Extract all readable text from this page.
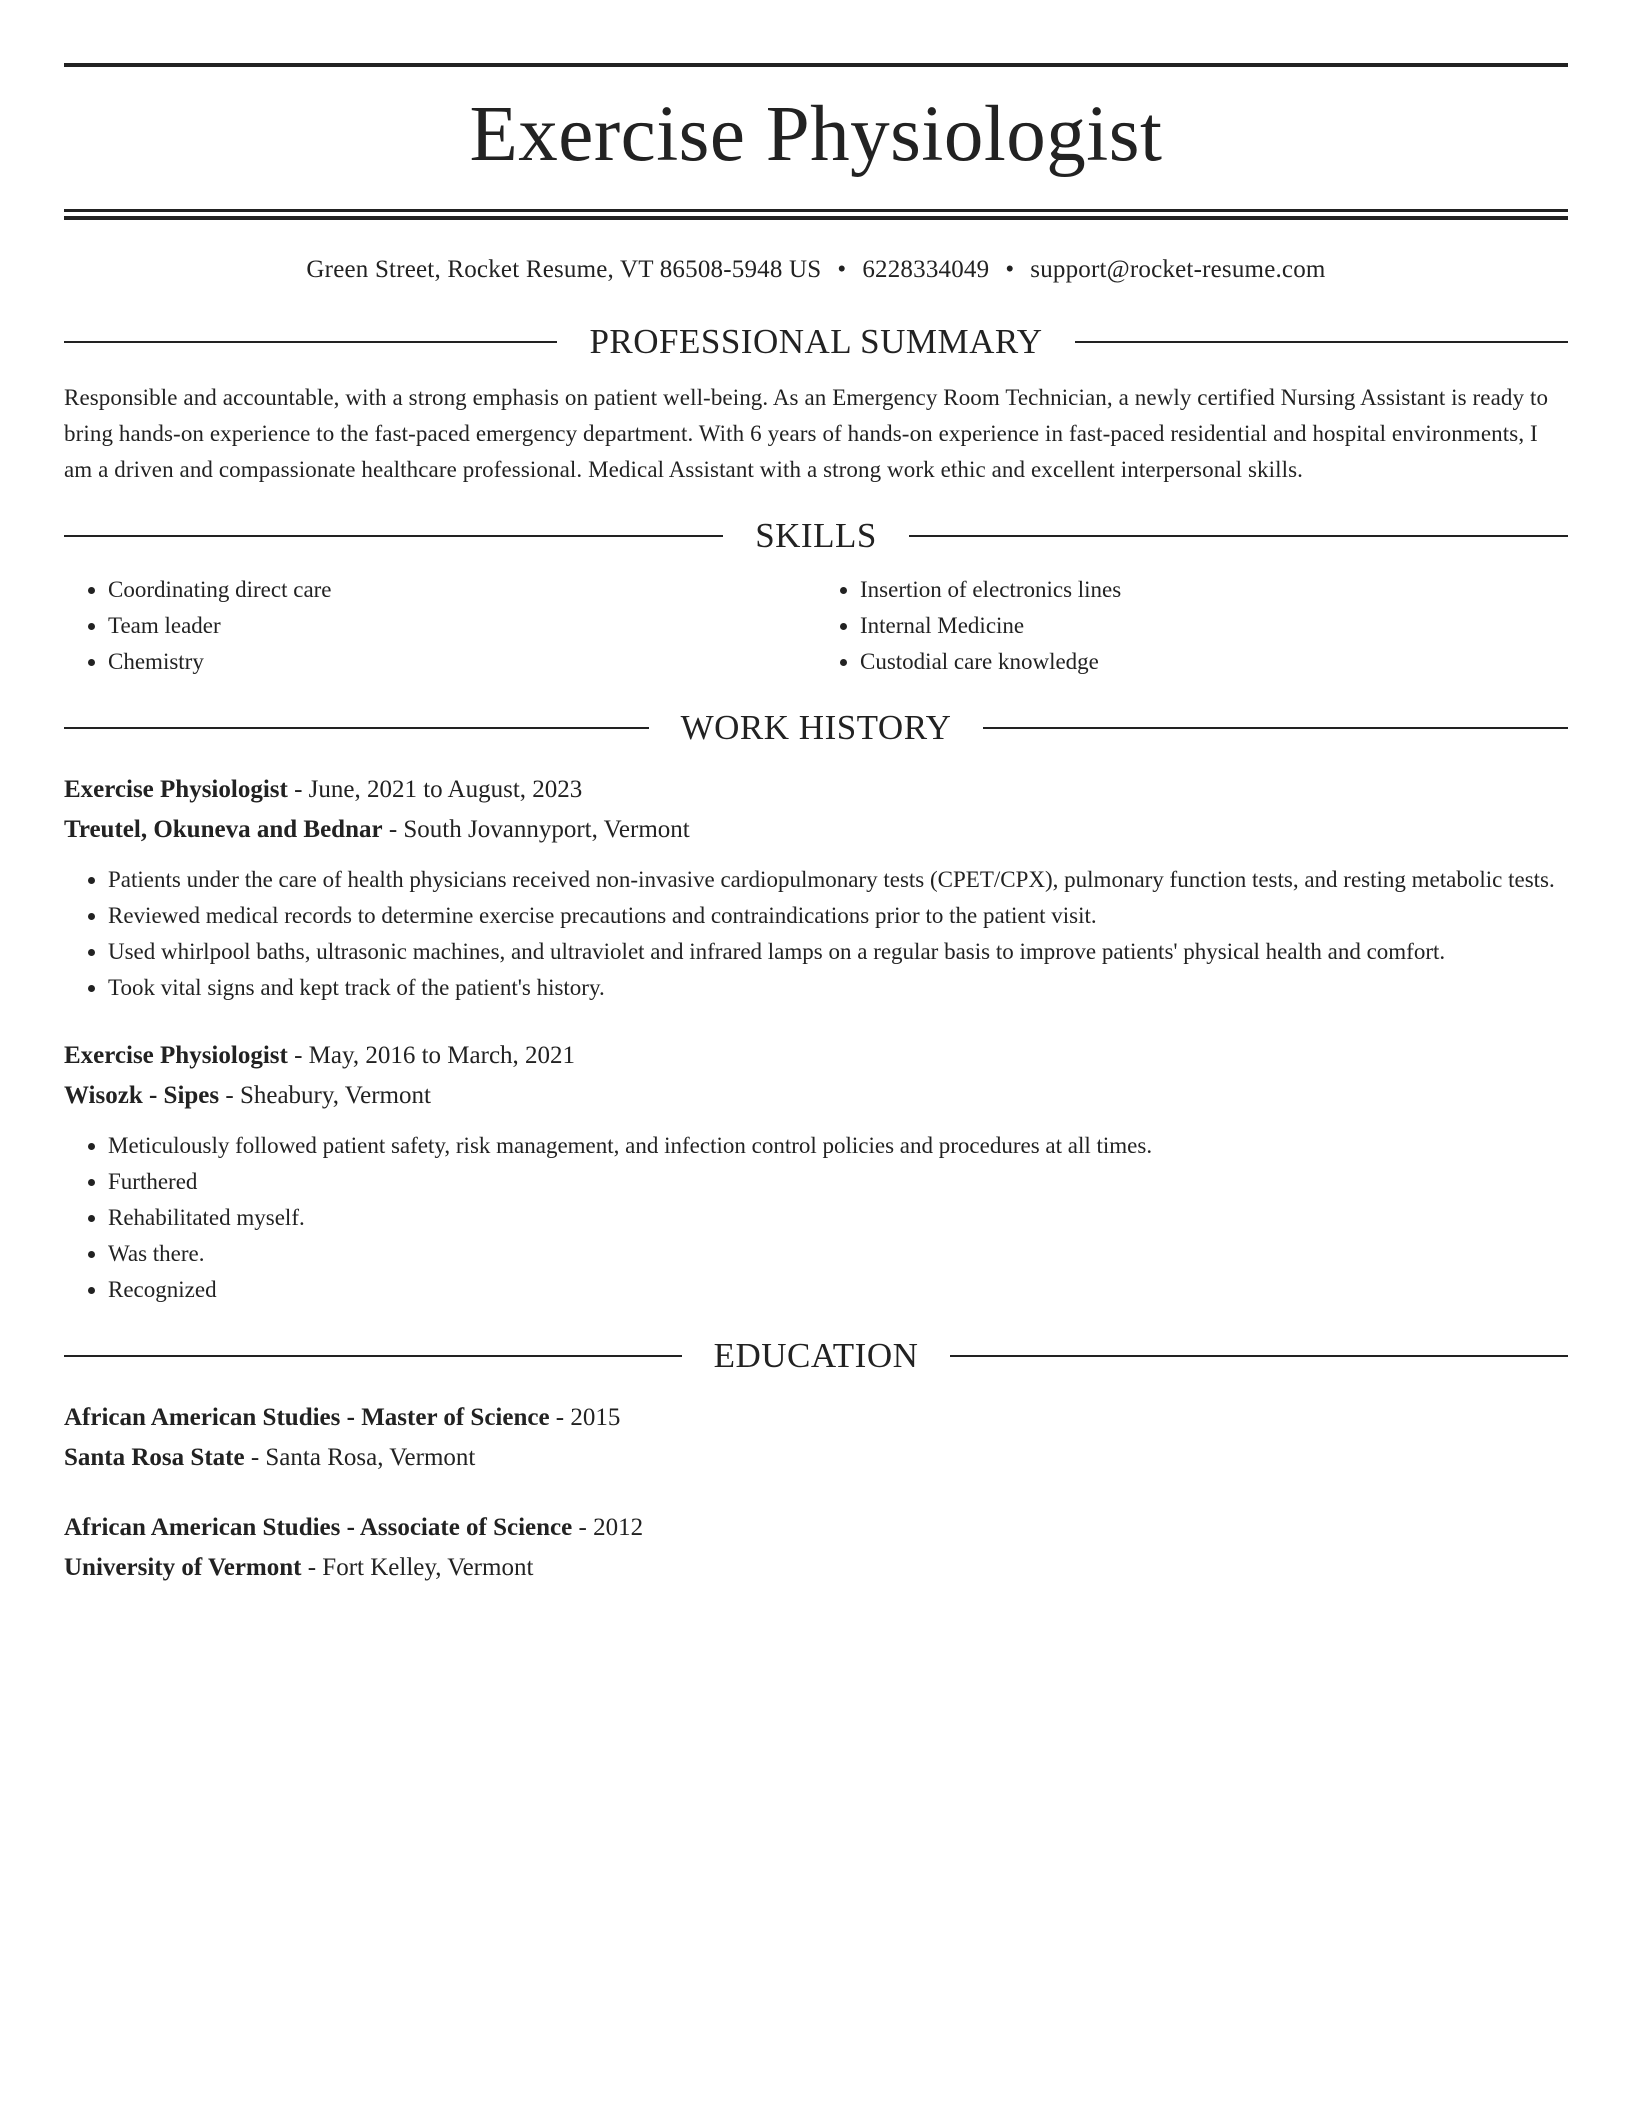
Exercise Physiologist
Green Street, Rocket Resume, VT 86508-5948 US • 6228334049 • support@rocket-resume.com
PROFESSIONAL SUMMARY
Responsible and accountable, with a strong emphasis on patient well-being. As an Emergency Room Technician, a newly certified Nursing Assistant is ready to bring hands-on experience to the fast-paced emergency department. With 6 years of hands-on experience in fast-paced residential and hospital environments, I am a driven and compassionate healthcare professional. Medical Assistant with a strong work ethic and excellent interpersonal skills.
SKILLS
• Coordinating direct care
• Team leader
• Chemistry
• Insertion of electronics lines
• Internal Medicine
• Custodial care knowledge
WORK HISTORY
Exercise Physiologist - June, 2021 to August, 2023
Treutel, Okuneva and Bednar - South Jovannyport, Vermont
• Patients under the care of health physicians received non-invasive cardiopulmonary tests (CPET/CPX), pulmonary function tests, and resting metabolic tests.
• Reviewed medical records to determine exercise precautions and contraindications prior to the patient visit.
• Used whirlpool baths, ultrasonic machines, and ultraviolet and infrared lamps on a regular basis to improve patients' physical health and comfort.
• Took vital signs and kept track of the patient's history.
Exercise Physiologist - May, 2016 to March, 2021
Wisozk - Sipes - Sheabury, Vermont
• Meticulously followed patient safety, risk management, and infection control policies and procedures at all times.
• Furthered
• Rehabilitated myself.
• Was there.
• Recognized
EDUCATION
African American Studies - Master of Science - 2015
Santa Rosa State - Santa Rosa, Vermont
African American Studies - Associate of Science - 2012
University of Vermont - Fort Kelley, Vermont
